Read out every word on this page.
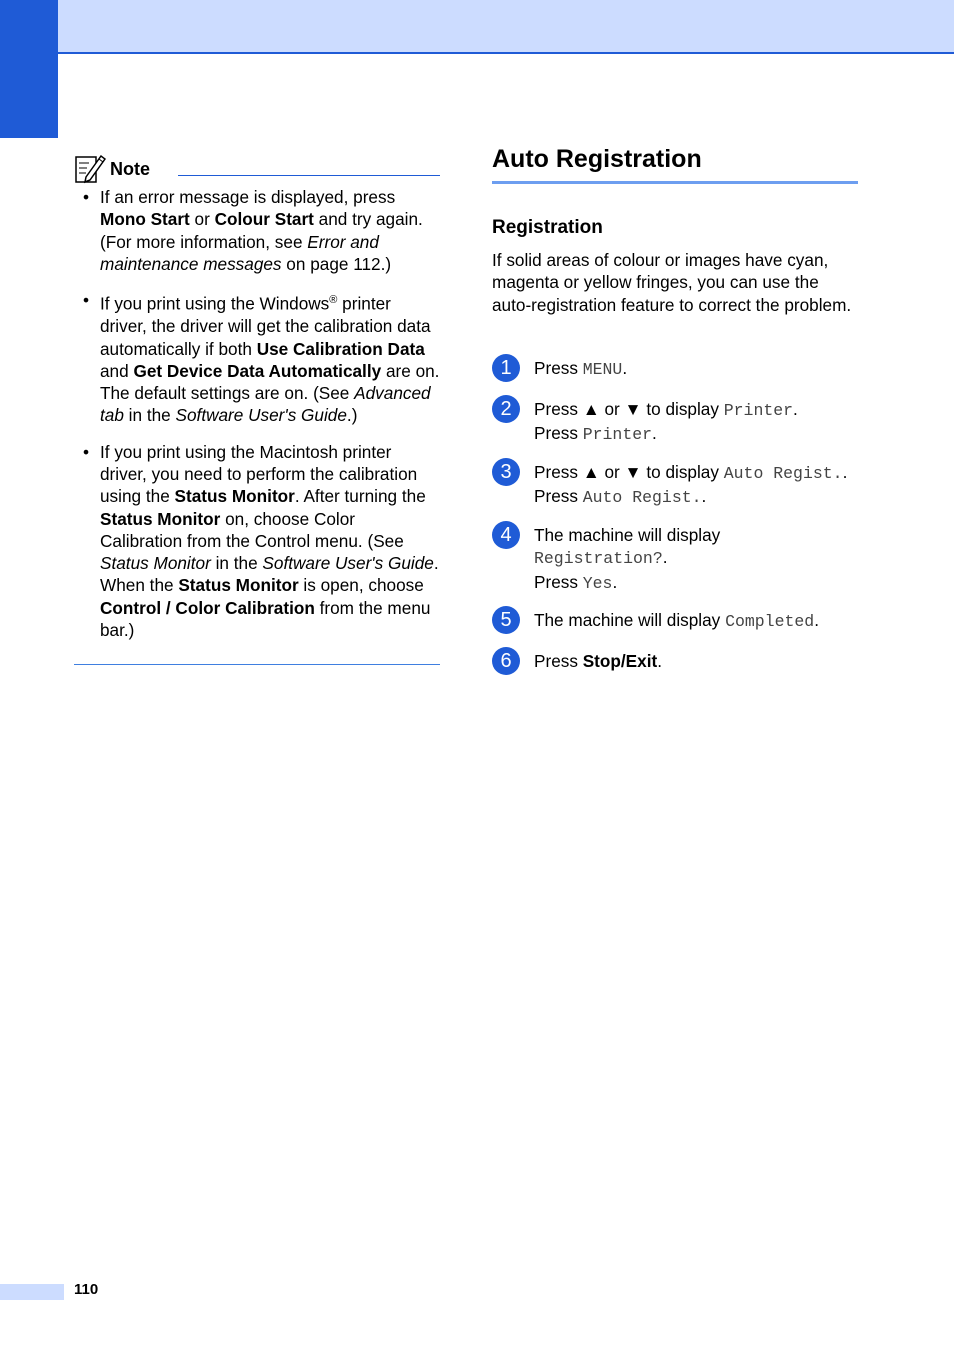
Note
• If an error message is displayed, press Mono Start or Colour Start and try again. (For more information, see Error and maintenance messages on page 112.)
• If you print using the Windows® printer driver, the driver will get the calibration data automatically if both Use Calibration Data and Get Device Data Automatically are on. The default settings are on. (See Advanced tab in the Software User's Guide.)
• If you print using the Macintosh printer driver, you need to perform the calibration using the Status Monitor. After turning the Status Monitor on, choose Color Calibration from the Control menu. (See Status Monitor in the Software User's Guide. When the Status Monitor is open, choose Control / Color Calibration from the menu bar.)
Auto Registration
Registration
If solid areas of colour or images have cyan, magenta or yellow fringes, you can use the auto-registration feature to correct the problem.
1	Press MENU.
2	Press ▲ or ▼ to display Printer.
Press Printer.
3	Press ▲ or ▼ to display Auto Regist..
Press Auto Regist..
4	The machine will display
Registration?.
Press Yes.
5	The machine will display Completed.
6	Press Stop/Exit.
110
